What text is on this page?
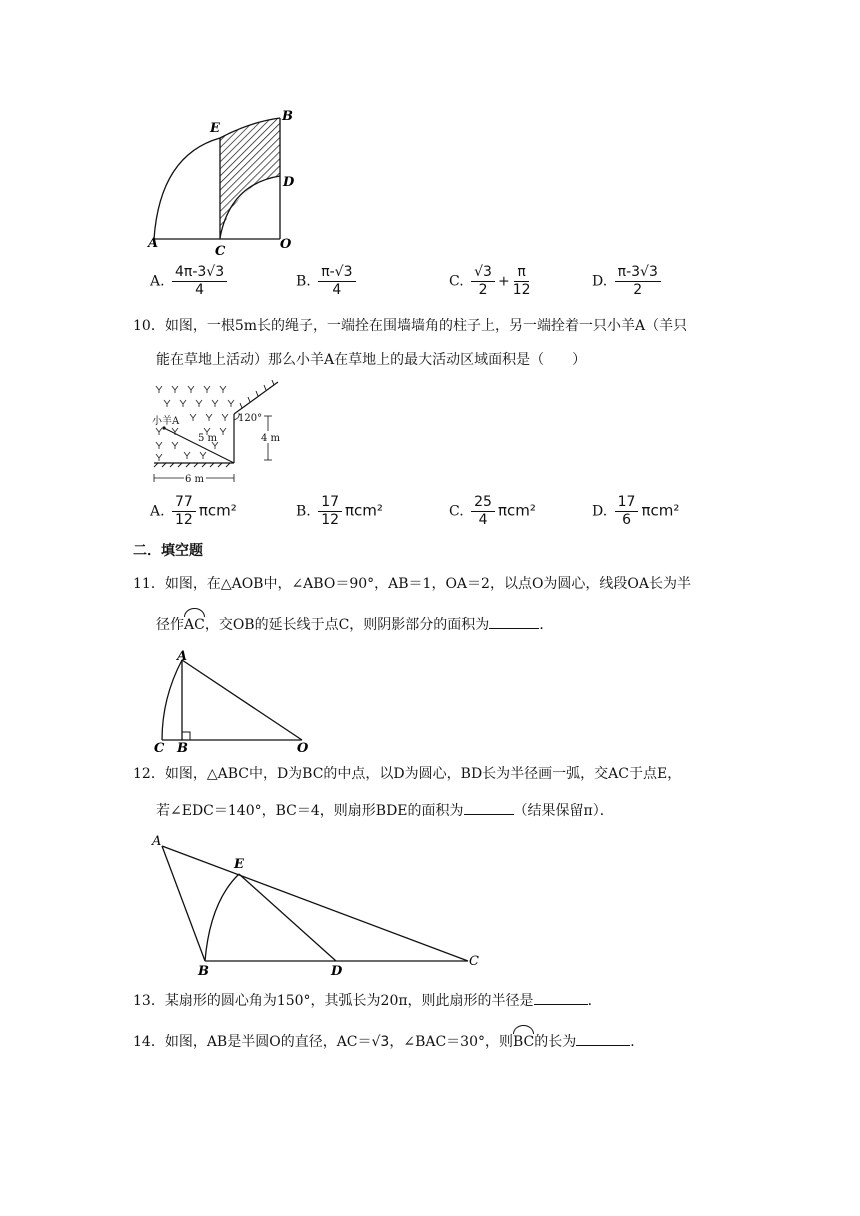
E
B
D
A
C	O
A. $\frac{4\pi-3√3}{4}$	B. $\frac{\pi-√3}{4}$	C. $\frac{√3}{2} + \frac{\pi}{12}$	D. $\frac{\pi-3√3}{2}$
10．如图，一根5m长的绳子，一端拴在围墙墙角的柱子上，另一端拴着一只小羊A（羊只
能在草地上活动）那么小羊A在草地上的最大活动区域面积是（　　）
小羊A
5 m
120°
4 m
6 m
A. $\frac{77}{12} \pi cm^2$	B. $\frac{17}{12} \pi cm^2$	C. $\frac{25}{4} \pi cm^2$	D. $\frac{17}{6} \pi cm^2$
二．填空题
11．如图，在△AOB中，∠ABO＝90°，AB＝1，OA＝2，以点O为圆心，线段OA长为半
径作AC，交OB的延长线于点C，则阴影部分的面积为	．
A
C B	O
12．如图，△ABC中，D为BC的中点，以D为圆心，BD长为半径画一弧，交AC于点E，
若∠EDC＝140°，BC＝4，则扇形BDE的面积为	（结果保留π）．
A
E
B	D
C
13．某扇形的圆心角为150°，其弧长为20π，则此扇形的半径是	．
14．如图，AB是半圆O的直径，AC＝√3，∠BAC＝30°，则BC的长为	．
